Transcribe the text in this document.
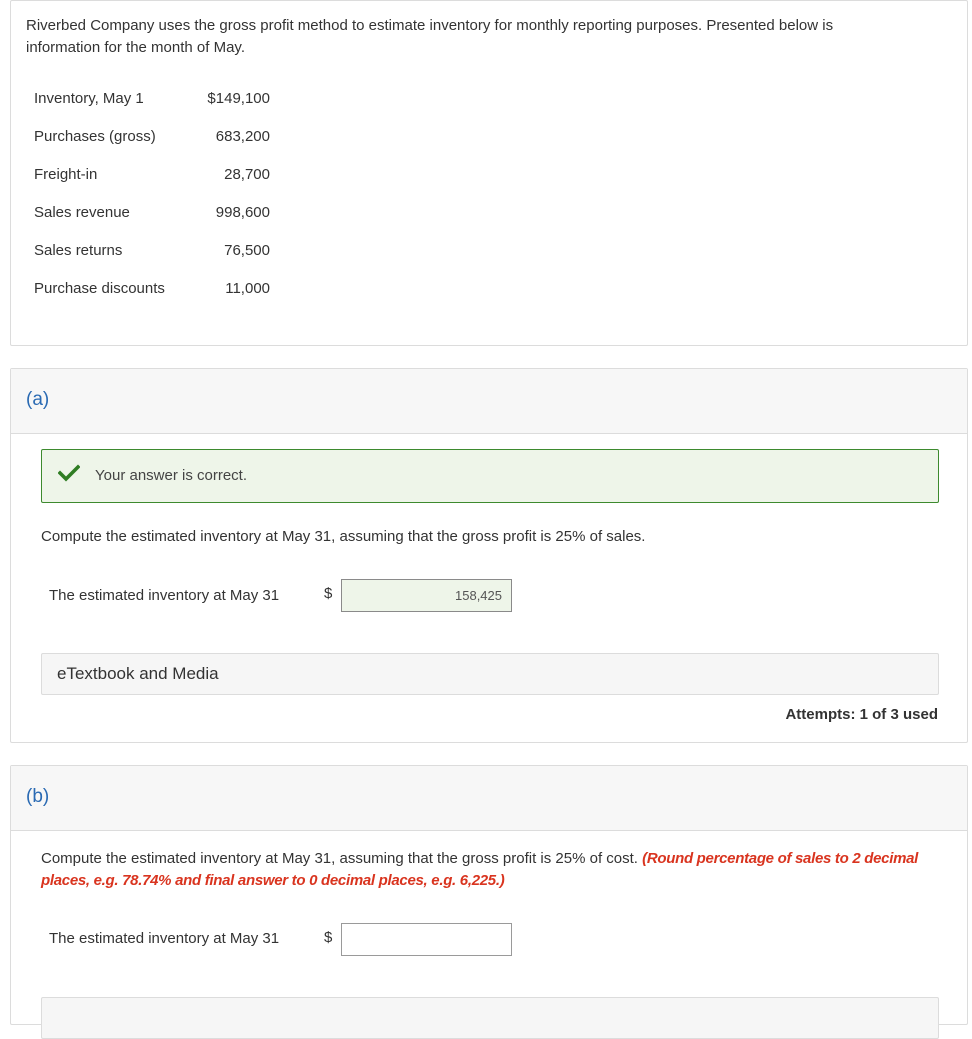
Riverbed Company uses the gross profit method to estimate inventory for monthly reporting purposes. Presented below is information for the month of May.

Inventory, May 1	$149,100
Purchases (gross)	683,200
Freight-in	28,700
Sales revenue	998,600
Sales returns	76,500
Purchase discounts	11,000
(a)
Your answer is correct.

Compute the estimated inventory at May 31, assuming that the gross profit is 25% of sales.

The estimated inventory at May 31	$
158,425
eTextbook and Media
Attempts: 1 of 3 used
(b)

Compute the estimated inventory at May 31, assuming that the gross profit is 25% of cost. (Round percentage of sales to 2 decimal places, e.g. 78.74% and final answer to 0 decimal places, e.g. 6,225.)

The estimated inventory at May 31	$
